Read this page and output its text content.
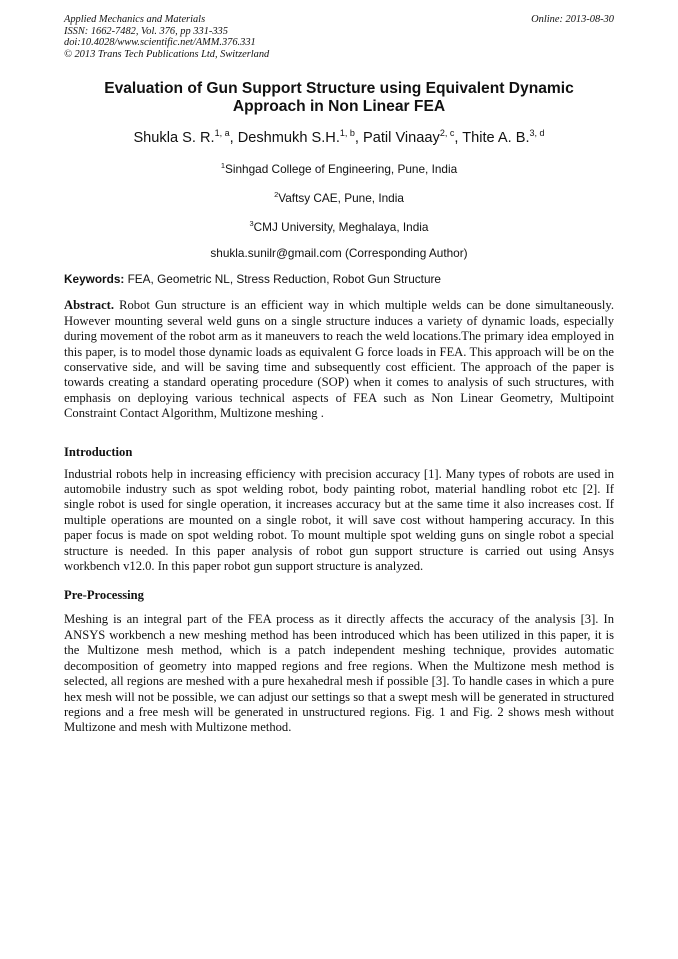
Applied Mechanics and Materials
ISSN: 1662-7482, Vol. 376, pp 331-335
doi:10.4028/www.scientific.net/AMM.376.331
© 2013 Trans Tech Publications Ltd, Switzerland
Online: 2013-08-30
Evaluation of Gun Support Structure using Equivalent Dynamic
Approach in Non Linear FEA
Shukla S. R.$^{1, a}$, Deshmukh S.H.$^{1, b}$, Patil Vinaay$^{2, c}$, Thite A. B.$^{3, d}$
$^1$Sinhgad College of Engineering, Pune, India
$^2$Vaftsy CAE, Pune, India
$^3$CMJ University, Meghalaya, India
shukla.sunilr@gmail.com (Corresponding Author)
Keywords: FEA, Geometric NL, Stress Reduction, Robot Gun Structure

Abstract. Robot Gun structure is an efficient way in which multiple welds can be done simultaneously. However mounting several weld guns on a single structure induces a variety of dynamic loads, especially during movement of the robot arm as it maneuvers to reach the weld locations.The primary idea employed in this paper, is to model those dynamic loads as equivalent G force loads in FEA. This approach will be on the conservative side, and will be saving time and subsequently cost efficient. The approach of the paper is towards creating a standard operating procedure (SOP) when it comes to analysis of such structures, with emphasis on deploying various technical aspects of FEA such as Non Linear Geometry, Multipoint Constraint Contact Algorithm, Multizone meshing .

Introduction

Industrial robots help in increasing efficiency with precision accuracy [1]. Many types of robots are used in automobile industry such as spot welding robot, body painting robot, material handling robot etc [2]. If single robot is used for single operation, it increases accuracy but at the same time it also increases cost. If multiple operations are mounted on a single robot, it will save cost without hampering accuracy. In this paper focus is made on spot welding robot. To mount multiple spot welding guns on single robot a special structure is needed. In this paper analysis of robot gun support structure is carried out using Ansys workbench v12.0. In this paper robot gun support structure is analyzed.

Pre-Processing

Meshing is an integral part of the FEA process as it directly affects the accuracy of the analysis [3]. In ANSYS workbench a new meshing method has been introduced which has been utilized in this paper, it is the Multizone mesh method, which is a patch independent meshing technique, provides automatic decomposition of geometry into mapped regions and free regions. When the Multizone mesh method is selected, all regions are meshed with a pure hexahedral mesh if possible [3]. To handle cases in which a pure hex mesh will not be possible, we can adjust our settings so that a swept mesh will be generated in structured regions and a free mesh will be generated in unstructured regions. Fig. 1 and Fig. 2 shows mesh without Multizone and mesh with Multizone method.
